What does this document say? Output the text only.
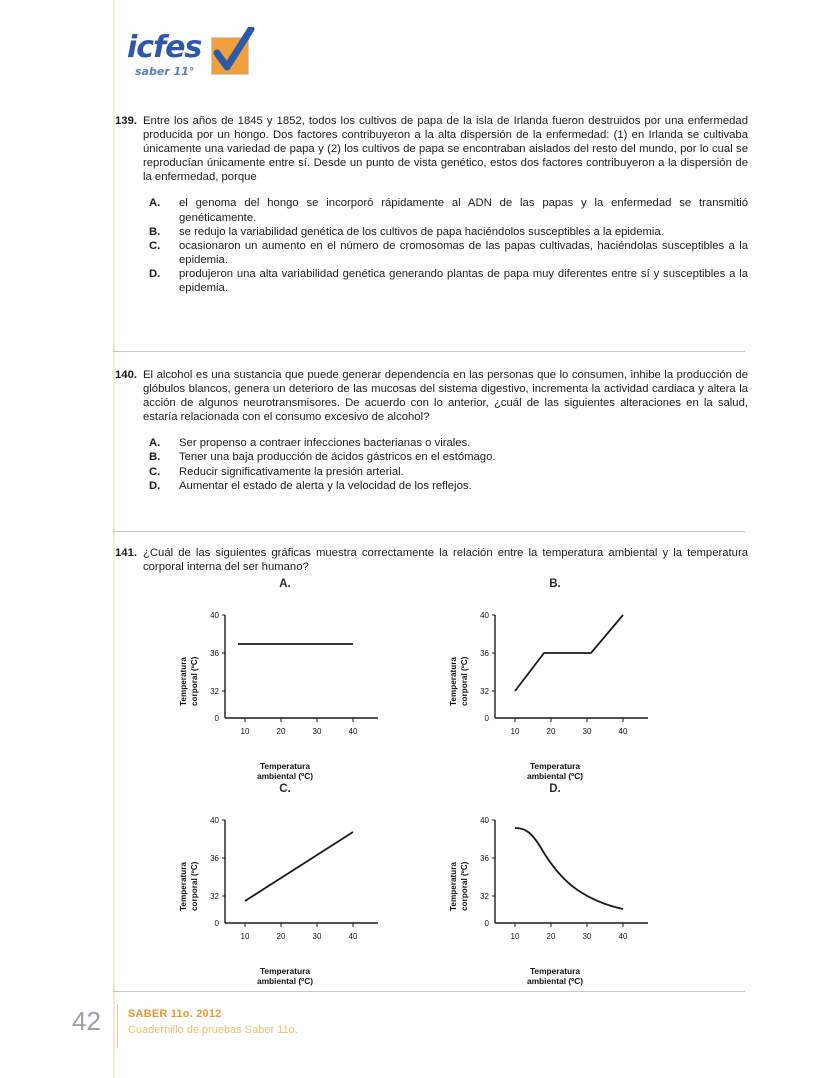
icfes
saber 11°
139. Entre los años de 1845 y 1852, todos los cultivos de papa de la isla de Irlanda fueron destruidos por una enfermedad producida por un hongo. Dos factores contribuyeron a la alta dispersión de la enfermedad: (1) en Irlanda se cultivaba únicamente una variedad de papa y (2) los cultivos de papa se encontraban aislados del resto del mundo, por lo cual se reproducían únicamente entre sí. Desde un punto de vista genético, estos dos factores contribuyeron a la dispersión de la enfermedad, porque
A.	el genoma del hongo se incorporó rápidamente al ADN de las papas y la enfermedad se transmitió genéticamente.
B.	se redujo la variabilidad genética de los cultivos de papa haciéndolos susceptibles a la epidemia.
C.	ocasionaron un aumento en el número de cromosomas de las papas cultivadas, haciéndolas susceptibles a la epidemia.
D.	produjeron una alta variabilidad genética generando plantas de papa muy diferentes entre sí y susceptibles a la epidemia.
140. El alcohol es una sustancia que puede generar dependencia en las personas que lo consumen, inhibe la producción de glóbulos blancos, genera un deterioro de las mucosas del sistema digestivo, incrementa la actividad cardiaca y altera la acción de algunos neurotransmisores. De acuerdo con lo anterior, ¿cuál de las siguientes alteraciones en la salud, estaría relacionada con el consumo excesivo de alcohol?
A.	Ser propenso a contraer infecciones bacterianas o virales.
B.	Tener una baja producción de ácidos gástricos en el estómago.
C.	Reducir significativamente la presión arterial.
D.	Aumentar el estado de alerta y la velocidad de los reflejos.
141. ¿Cuál de las siguientes gráficas muestra correctamente la relación entre la temperatura ambiental y la temperatura corporal interna del ser humano?
A.
Temperatura corporal (ºC)
40
36
32
0
10	20	30	40
Temperatura
ambiental (ºC)
B.
Temperatura corporal (ºC)
40
36
32
0
10	20	30	40
Temperatura
ambiental (ºC)
C.
Temperatura corporal (ºC)
40
36
32
0
10	20	30	40
Temperatura
ambiental (ºC)
D.
Temperatura corporal (ºC)
40
36
32
0
10	20	30	40
Temperatura
ambiental (ºC)
42 SABER 11o. 2012
Cuadernillo de pruebas Saber 11o.
